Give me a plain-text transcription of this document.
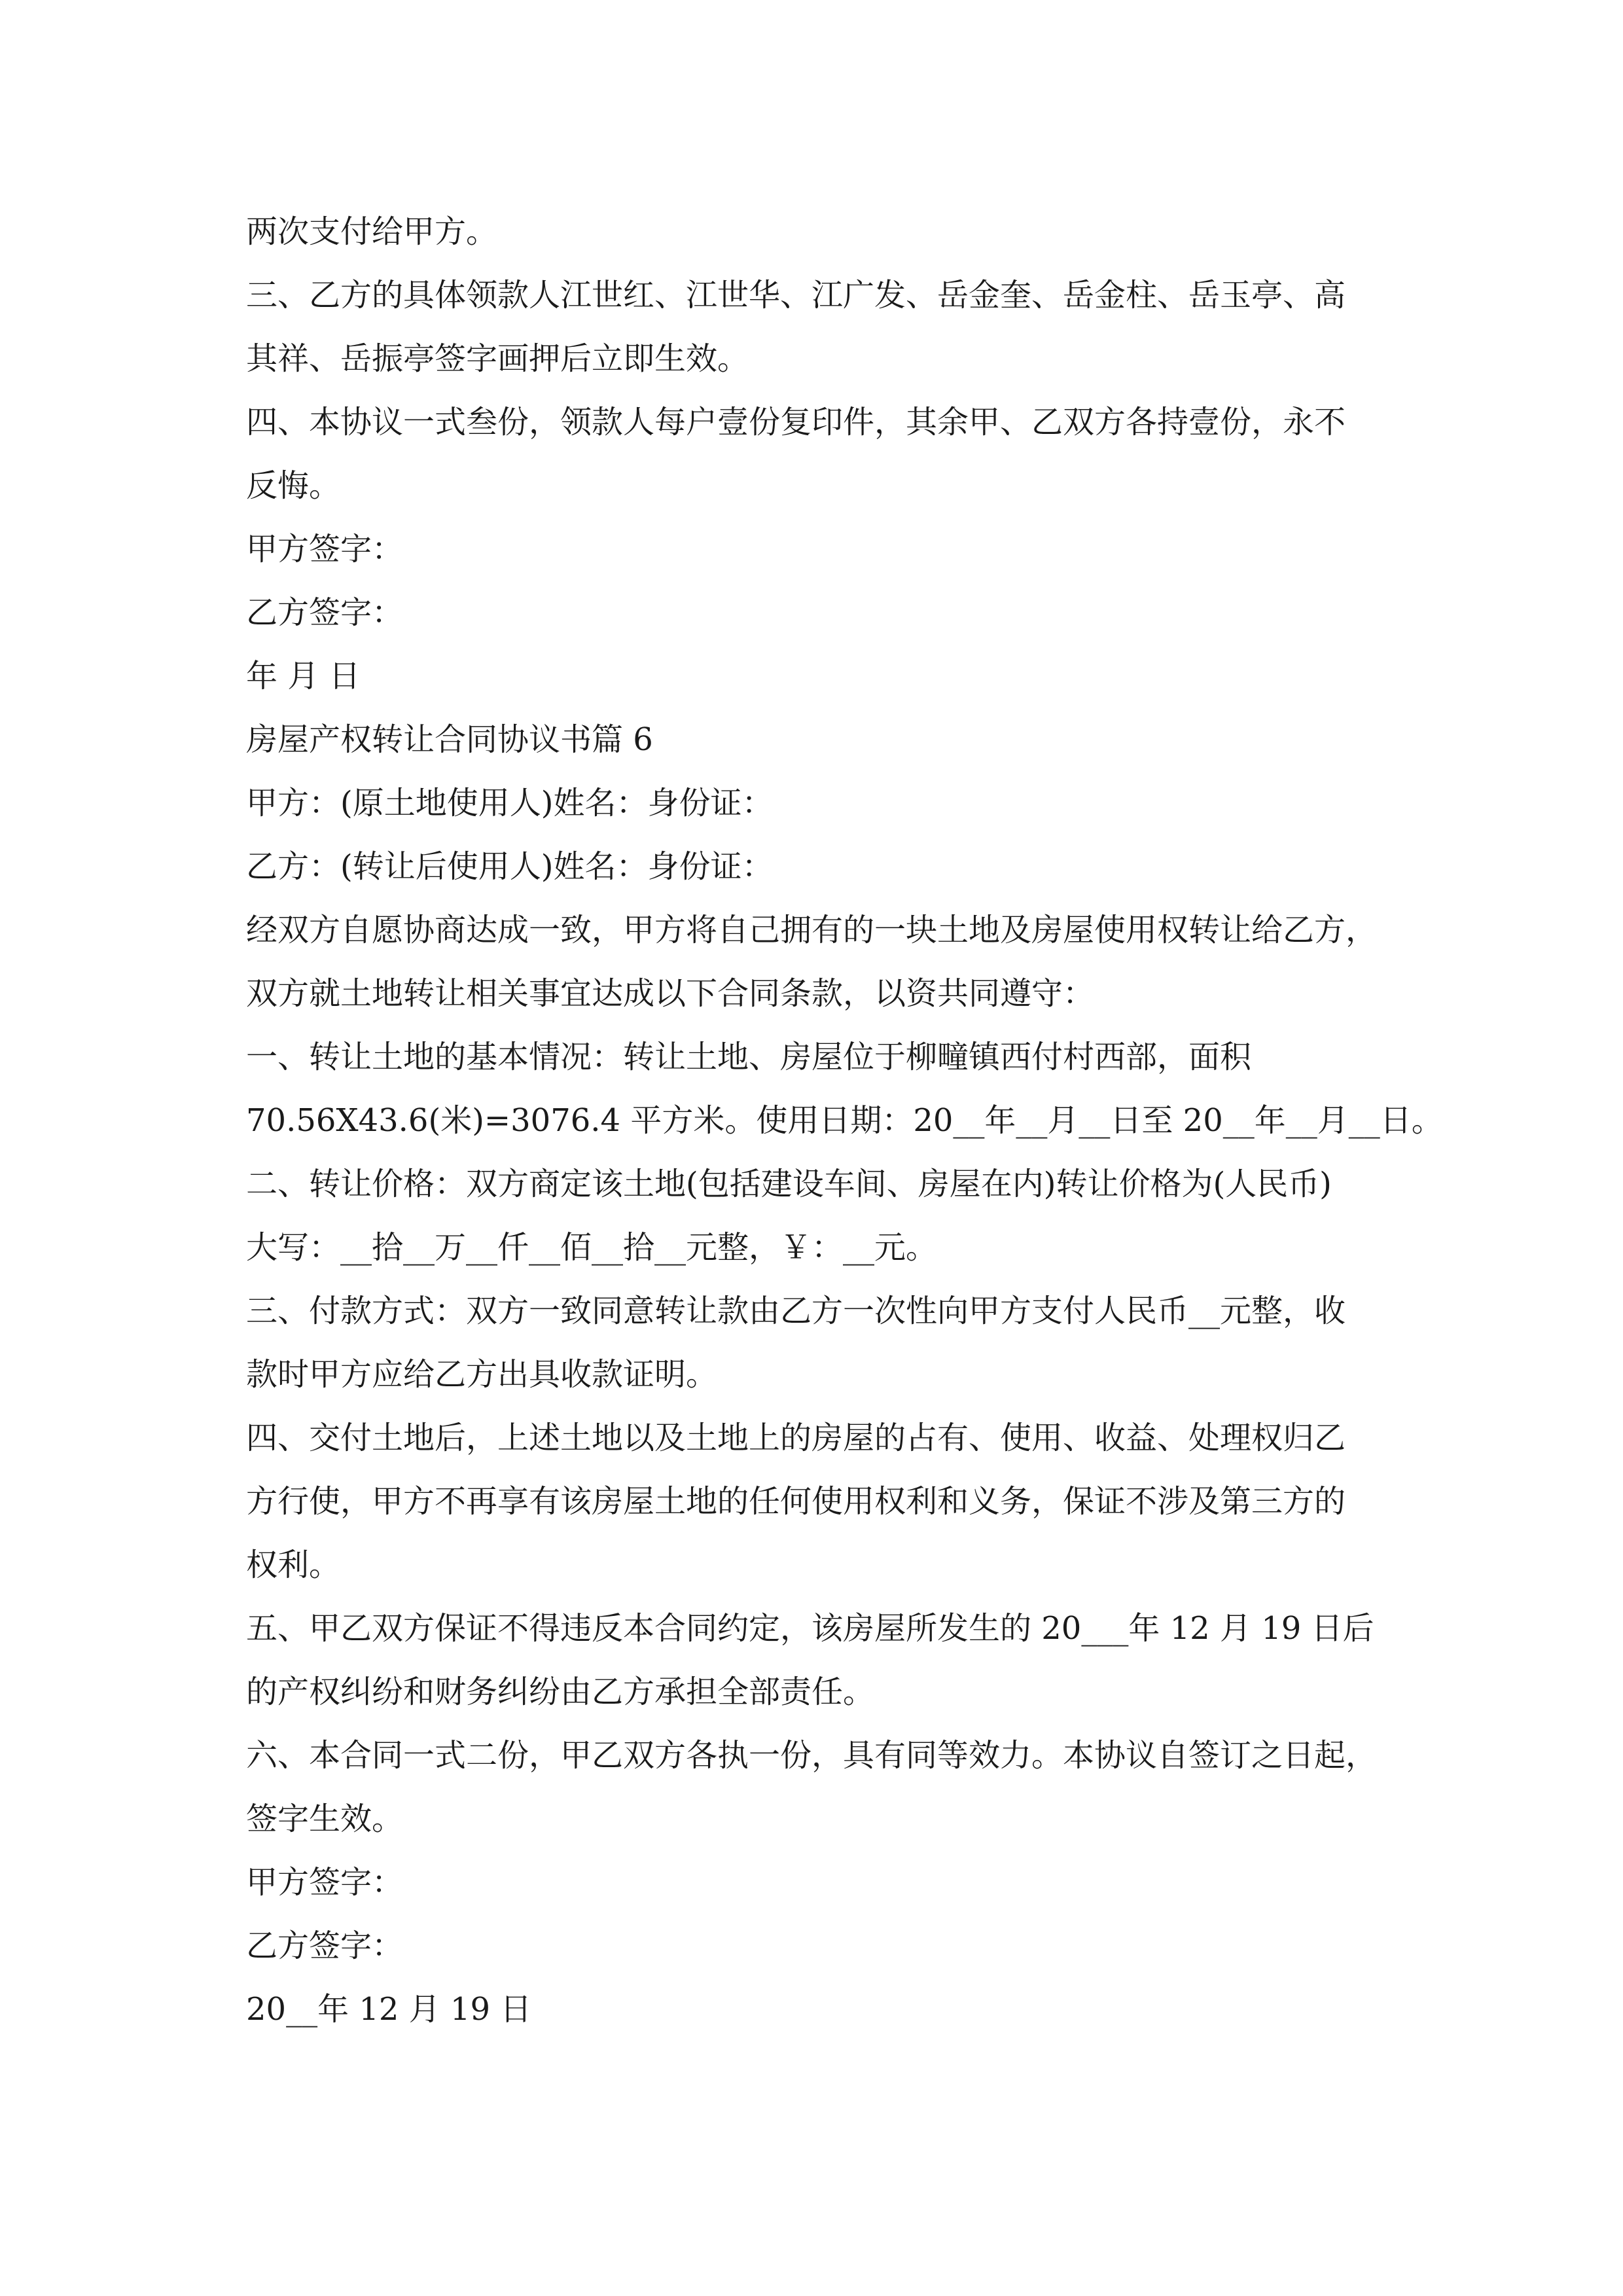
两次支付给甲方。
三、乙方的具体领款人江世红、江世华、江广发、岳金奎、岳金柱、岳玉亭、高
其祥、岳振亭签字画押后立即生效。
四、本协议一式叁份，领款人每户壹份复印件，其余甲、乙双方各持壹份，永不
反悔。
甲方签字：
乙方签字：
年 月 日
房屋产权转让合同协议书篇 6
甲方：(原土地使用人)姓名：身份证：
乙方：(转让后使用人)姓名：身份证：
经双方自愿协商达成一致，甲方将自己拥有的一块土地及房屋使用权转让给乙方，
双方就土地转让相关事宜达成以下合同条款，以资共同遵守：
一、转让土地的基本情况：转让土地、房屋位于柳疃镇西付村西部，面积
70.56X43.6(米)=3076.4 平方米。使用日期：20__年__月__日至 20__年__月__日。
二、转让价格：双方商定该土地(包括建设车间、房屋在内)转让价格为(人民币)
大写：__拾__万__仟__佰__拾__元整，￥：__元。
三、付款方式：双方一致同意转让款由乙方一次性向甲方支付人民币__元整，收
款时甲方应给乙方出具收款证明。
四、交付土地后，上述土地以及土地上的房屋的占有、使用、收益、处理权归乙
方行使，甲方不再享有该房屋土地的任何使用权利和义务，保证不涉及第三方的
权利。
五、甲乙双方保证不得违反本合同约定，该房屋所发生的 20___年 12 月 19 日后
的产权纠纷和财务纠纷由乙方承担全部责任。
六、本合同一式二份，甲乙双方各执一份，具有同等效力。本协议自签订之日起，
签字生效。
甲方签字：
乙方签字：
20__年 12 月 19 日
